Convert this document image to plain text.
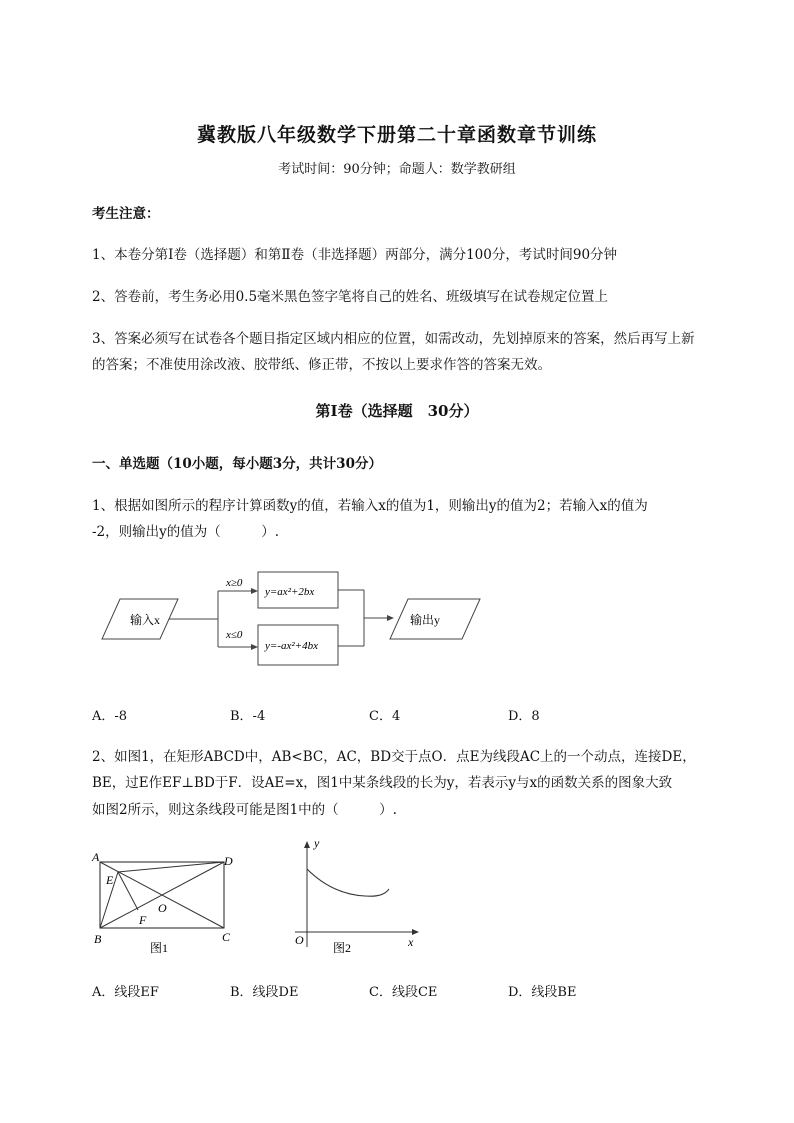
冀教版八年级数学下册第二十章函数章节训练
考试时间：90分钟；命题人：数学教研组
考生注意：
1、本卷分第Ⅰ卷（选择题）和第Ⅱ卷（非选择题）两部分，满分100分，考试时间90分钟
2、答卷前，考生务必用0.5毫米黑色签字笔将自己的姓名、班级填写在试卷规定位置上
3、答案必须写在试卷各个题目指定区域内相应的位置，如需改动，先划掉原来的答案，然后再写上新
的答案；不准使用涂改液、胶带纸、修正带，不按以上要求作答的答案无效。
第Ⅰ卷（选择题　30分）
一、单选题（10小题，每小题3分，共计30分）
1、根据如图所示的程序计算函数y的值，若输入x的值为1，则输出y的值为2；若输入x的值为
-2，则输出y的值为（　　　）.
输入x
x≥0
x≤0
y=ax²+2bx
y=-ax²+4bx
输出y
A．-8	B．-4	C．4	D．8
2、如图1，在矩形ABCD中，AB<BC，AC，BD交于点O．点E为线段AC上的一个动点，连接DE，
BE，过E作EF⊥BD于F．设AE=x，图1中某条线段的长为y，若表示y与x的函数关系的图象大致
如图2所示，则这条线段可能是图1中的（　　　）.
A
B	C
D
E
F
O
图1
y
x
O
图2
A．线段EF	B．线段DE	C．线段CE	D．线段BE
